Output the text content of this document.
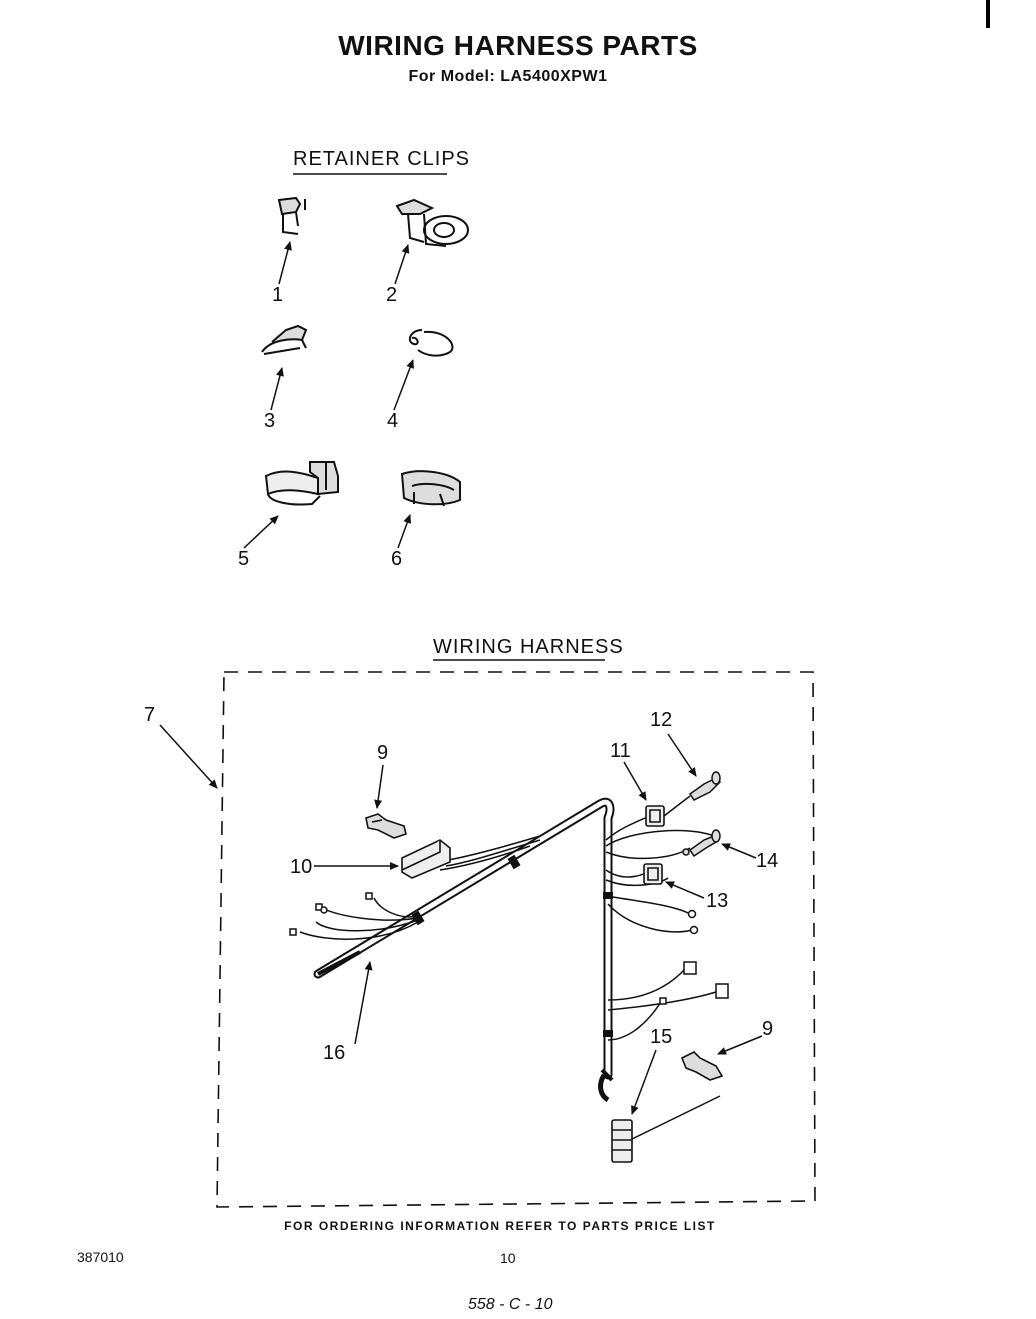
WIRING HARNESS PARTS
For Model: LA5400XPW1
RETAINER CLIPS
WIRING HARNESS
1	2
3	4
5	6
7
9
10
11
12
13
14
15
16
9
FOR ORDERING INFORMATION REFER TO PARTS PRICE LIST
387010	10
558 - C - 10
